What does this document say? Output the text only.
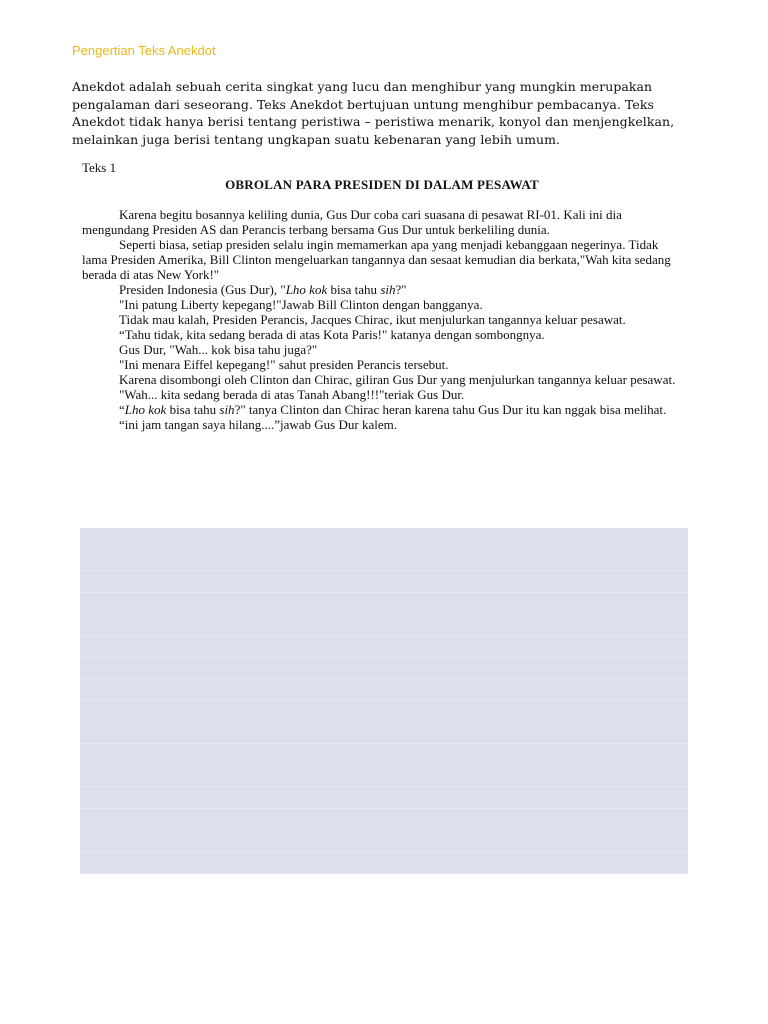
Pengertian Teks Anekdot
Anekdot adalah sebuah cerita singkat yang lucu dan menghibur yang mungkin merupakan pengalaman dari seseorang. Teks Anekdot bertujuan untung menghibur pembacanya. Teks Anekdot tidak hanya berisi tentang peristiwa – peristiwa menarik, konyol dan menjengkelkan, melainkan juga berisi tentang ungkapan suatu kebenaran yang lebih umum.
Teks 1
OBROLAN PARA PRESIDEN DI DALAM PESAWAT

Karena begitu bosannya keliling dunia, Gus Dur coba cari suasana di pesawat RI-01. Kali ini dia mengundang Presiden AS dan Perancis terbang bersama Gus Dur untuk berkeliling dunia.

Seperti biasa, setiap presiden selalu ingin memamerkan apa yang menjadi kebanggaan negerinya. Tidak lama Presiden Amerika, Bill Clinton mengeluarkan tangannya dan sesaat kemudian dia berkata,"Wah kita sedang berada di atas New York!"

Presiden Indonesia (Gus Dur), "Lho kok bisa tahu sih?"

"Ini patung Liberty kepegang!"Jawab Bill Clinton dengan bangganya.

Tidak mau kalah, Presiden Perancis, Jacques Chirac, ikut menjulurkan tangannya keluar pesawat.

“Tahu tidak, kita sedang berada di atas Kota Paris!" katanya dengan sombongnya.

Gus Dur, "Wah... kok bisa tahu juga?"

"Ini menara Eiffel kepegang!" sahut presiden Perancis tersebut.

Karena disombongi oleh Clinton dan Chirac, giliran Gus Dur yang menjulurkan tangannya keluar pesawat.

"Wah... kita sedang berada di atas Tanah Abang!!!"teriak Gus Dur.

“Lho kok bisa tahu sih?" tanya Clinton dan Chirac heran karena tahu Gus Dur itu kan nggak bisa melihat.

“ini jam tangan saya hilang....”jawab Gus Dur kalem.
